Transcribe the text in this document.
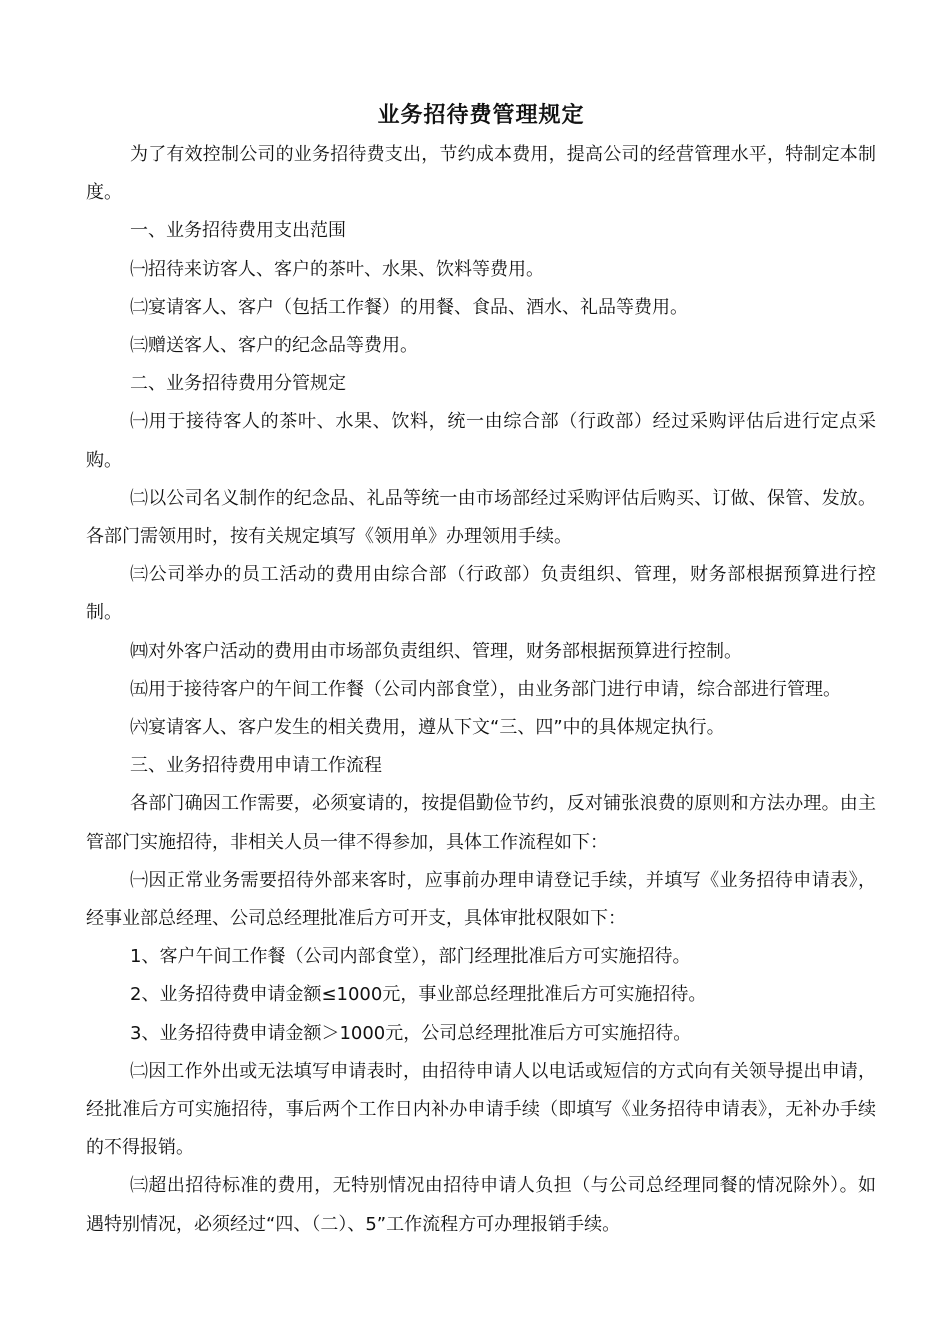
业务招待费管理规定

为了有效控制公司的业务招待费支出，节约成本费用，提高公司的经营管理水平，特制定本制度。

一、业务招待费用支出范围

㈠招待来访客人、客户的茶叶、水果、饮料等费用。

㈡宴请客人、客户（包括工作餐）的用餐、食品、酒水、礼品等费用。

㈢赠送客人、客户的纪念品等费用。

二、业务招待费用分管规定

㈠用于接待客人的茶叶、水果、饮料，统一由综合部（行政部）经过采购评估后进行定点采购。

㈡以公司名义制作的纪念品、礼品等统一由市场部经过采购评估后购买、订做、保管、发放。各部门需领用时，按有关规定填写《领用单》办理领用手续。

㈢公司举办的员工活动的费用由综合部（行政部）负责组织、管理，财务部根据预算进行控制。

㈣对外客户活动的费用由市场部负责组织、管理，财务部根据预算进行控制。

㈤用于接待客户的午间工作餐（公司内部食堂），由业务部门进行申请，综合部进行管理。

㈥宴请客人、客户发生的相关费用，遵从下文“三、四”中的具体规定执行。

三、业务招待费用申请工作流程

各部门确因工作需要，必须宴请的，按提倡勤俭节约，反对铺张浪费的原则和方法办理。由主管部门实施招待，非相关人员一律不得参加，具体工作流程如下：

㈠因正常业务需要招待外部来客时，应事前办理申请登记手续，并填写《业务招待申请表》，经事业部总经理、公司总经理批准后方可开支，具体审批权限如下：

1、客户午间工作餐（公司内部食堂），部门经理批准后方可实施招待。

2、业务招待费申请金额≤1000元，事业部总经理批准后方可实施招待。

3、业务招待费申请金额＞1000元，公司总经理批准后方可实施招待。

㈡因工作外出或无法填写申请表时，由招待申请人以电话或短信的方式向有关领导提出申请，经批准后方可实施招待，事后两个工作日内补办申请手续（即填写《业务招待申请表》，无补办手续的不得报销。

㈢超出招待标准的费用，无特别情况由招待申请人负担（与公司总经理同餐的情况除外）。如遇特别情况，必须经过“四、（二）、5”工作流程方可办理报销手续。
